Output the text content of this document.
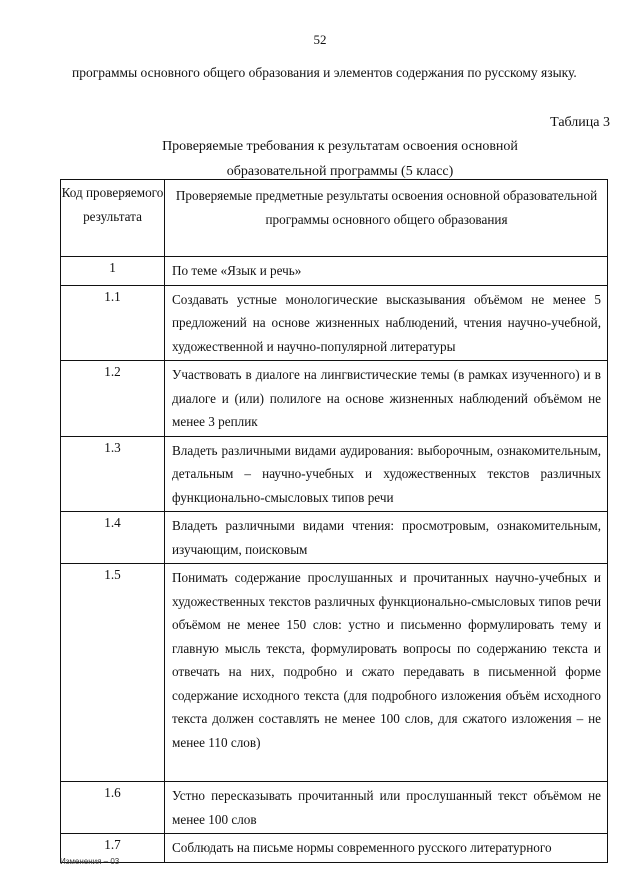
52
программы основного общего образования и элементов содержания по русскому языку.
Таблица 3
Проверяемые требования к результатам освоения основной
образовательной программы (5 класс)
Код проверяемого результата	Проверяемые предметные результаты освоения основной образовательной программы основного общего образования
1	По теме «Язык и речь»
1.1	Создавать устные монологические высказывания объёмом не менее 5 предложений на основе жизненных наблюдений, чтения научно-учебной, художественной и научно-популярной литературы
1.2	Участвовать в диалоге на лингвистические темы (в рамках изученного) и в диалоге и (или) полилоге на основе жизненных наблюдений объёмом не менее 3 реплик
1.3	Владеть различными видами аудирования: выборочным, ознакомительным, детальным – научно-учебных и художественных текстов различных функционально-смысловых типов речи
1.4	Владеть различными видами чтения: просмотровым, ознакомительным, изучающим, поисковым
1.5	Понимать содержание прослушанных и прочитанных научно-учебных и художественных текстов различных функционально-смысловых типов речи объёмом не менее 150 слов: устно и письменно формулировать тему и главную мысль текста, формулировать вопросы по содержанию текста и отвечать на них, подробно и сжато передавать в письменной форме содержание исходного текста (для подробного изложения объём исходного текста должен составлять не менее 100 слов, для сжатого изложения – не менее 110 слов)
1.6	Устно пересказывать прочитанный или прослушанный текст объёмом не менее 100 слов
1.7	Соблюдать на письме нормы современного русского литературного
Изменения – 03
